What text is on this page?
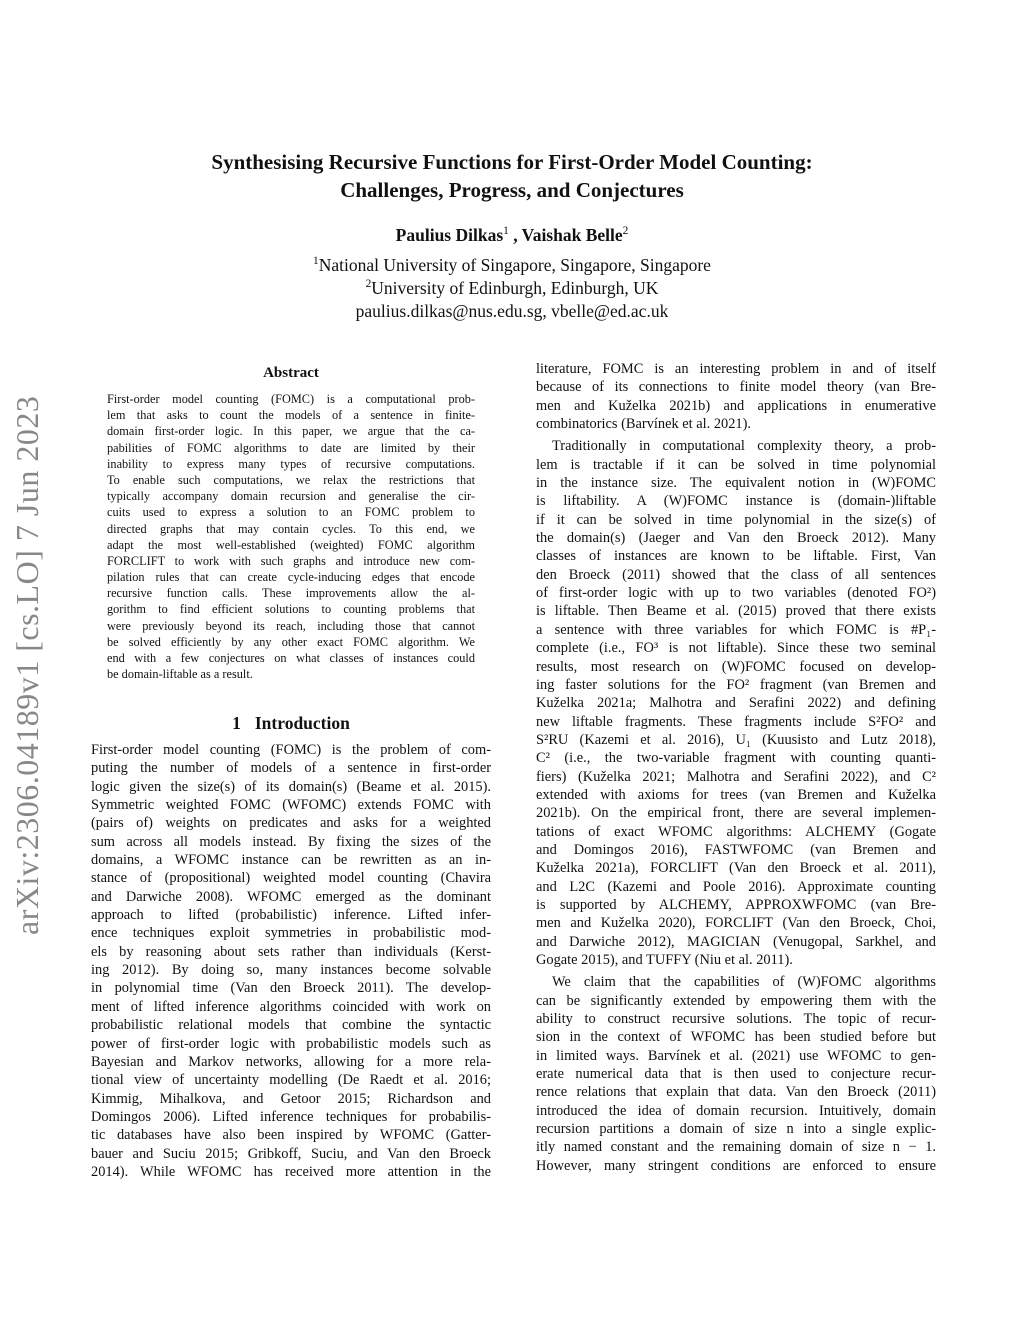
arXiv:2306.04189v1 [cs.LO] 7 Jun 2023
Synthesising Recursive Functions for First-Order Model Counting:
Challenges, Progress, and Conjectures
Paulius Dilkas$^1$ , Vaishak Belle$^2$
$^1$National University of Singapore, Singapore, Singapore
$^2$University of Edinburgh, Edinburgh, UK
paulius.dilkas@nus.edu.sg, vbelle@ed.ac.uk
Abstract
First-order model counting (FOMC) is a computational prob-
lem that asks to count the models of a sentence in finite-
domain first-order logic. In this paper, we argue that the ca-
pabilities of FOMC algorithms to date are limited by their
inability to express many types of recursive computations.
To enable such computations, we relax the restrictions that
typically accompany domain recursion and generalise the cir-
cuits used to express a solution to an FOMC problem to
directed graphs that may contain cycles. To this end, we
adapt the most well-established (weighted) FOMC algorithm
FORCLIFT to work with such graphs and introduce new com-
pilation rules that can create cycle-inducing edges that encode
recursive function calls. These improvements allow the al-
gorithm to find efficient solutions to counting problems that
were previously beyond its reach, including those that cannot
be solved efficiently by any other exact FOMC algorithm. We
end with a few conjectures on what classes of instances could
be domain-liftable as a result.
1 Introduction
First-order model counting (FOMC) is the problem of com-
puting the number of models of a sentence in first-order
logic given the size(s) of its domain(s) (Beame et al. 2015).
Symmetric weighted FOMC (WFOMC) extends FOMC with
(pairs of) weights on predicates and asks for a weighted
sum across all models instead. By fixing the sizes of the
domains, a WFOMC instance can be rewritten as an in-
stance of (propositional) weighted model counting (Chavira
and Darwiche 2008). WFOMC emerged as the dominant
approach to lifted (probabilistic) inference. Lifted infer-
ence techniques exploit symmetries in probabilistic mod-
els by reasoning about sets rather than individuals (Kerst-
ing 2012). By doing so, many instances become solvable
in polynomial time (Van den Broeck 2011). The develop-
ment of lifted inference algorithms coincided with work on
probabilistic relational models that combine the syntactic
power of first-order logic with probabilistic models such as
Bayesian and Markov networks, allowing for a more rela-
tional view of uncertainty modelling (De Raedt et al. 2016;
Kimmig, Mihalkova, and Getoor 2015; Richardson and
Domingos 2006). Lifted inference techniques for probabilis-
tic databases have also been inspired by WFOMC (Gatter-
bauer and Suciu 2015; Gribkoff, Suciu, and Van den Broeck
2014). While WFOMC has received more attention in the
literature, FOMC is an interesting problem in and of itself
because of its connections to finite model theory (van Bre-
men and Kuželka 2021b) and applications in enumerative
combinatorics (Barvínek et al. 2021).
Traditionally in computational complexity theory, a prob-
lem is tractable if it can be solved in time polynomial
in the instance size. The equivalent notion in (W)FOMC
is liftability. A (W)FOMC instance is (domain-)liftable
if it can be solved in time polynomial in the size(s) of
the domain(s) (Jaeger and Van den Broeck 2012). Many
classes of instances are known to be liftable. First, Van
den Broeck (2011) showed that the class of all sentences
of first-order logic with up to two variables (denoted FO²)
is liftable. Then Beame et al. (2015) proved that there exists
a sentence with three variables for which FOMC is #P₁-
complete (i.e., FO³ is not liftable). Since these two seminal
results, most research on (W)FOMC focused on develop-
ing faster solutions for the FO² fragment (van Bremen and
Kuželka 2021a; Malhotra and Serafini 2022) and defining
new liftable fragments. These fragments include S²FO² and
S²RU (Kazemi et al. 2016), U₁ (Kuusisto and Lutz 2018),
C² (i.e., the two-variable fragment with counting quanti-
fiers) (Kuželka 2021; Malhotra and Serafini 2022), and C²
extended with axioms for trees (van Bremen and Kuželka
2021b). On the empirical front, there are several implemen-
tations of exact WFOMC algorithms: ALCHEMY (Gogate
and Domingos 2016), FASTWFOMC (van Bremen and
Kuželka 2021a), FORCLIFT (Van den Broeck et al. 2011),
and L2C (Kazemi and Poole 2016). Approximate counting
is supported by ALCHEMY, APPROXWFOMC (van Bre-
men and Kuželka 2020), FORCLIFT (Van den Broeck, Choi,
and Darwiche 2012), MAGICIAN (Venugopal, Sarkhel, and
Gogate 2015), and TUFFY (Niu et al. 2011).
We claim that the capabilities of (W)FOMC algorithms
can be significantly extended by empowering them with the
ability to construct recursive solutions. The topic of recur-
sion in the context of WFOMC has been studied before but
in limited ways. Barvínek et al. (2021) use WFOMC to gen-
erate numerical data that is then used to conjecture recur-
rence relations that explain that data. Van den Broeck (2011)
introduced the idea of domain recursion. Intuitively, domain
recursion partitions a domain of size n into a single explic-
itly named constant and the remaining domain of size n − 1.
However, many stringent conditions are enforced to ensure
